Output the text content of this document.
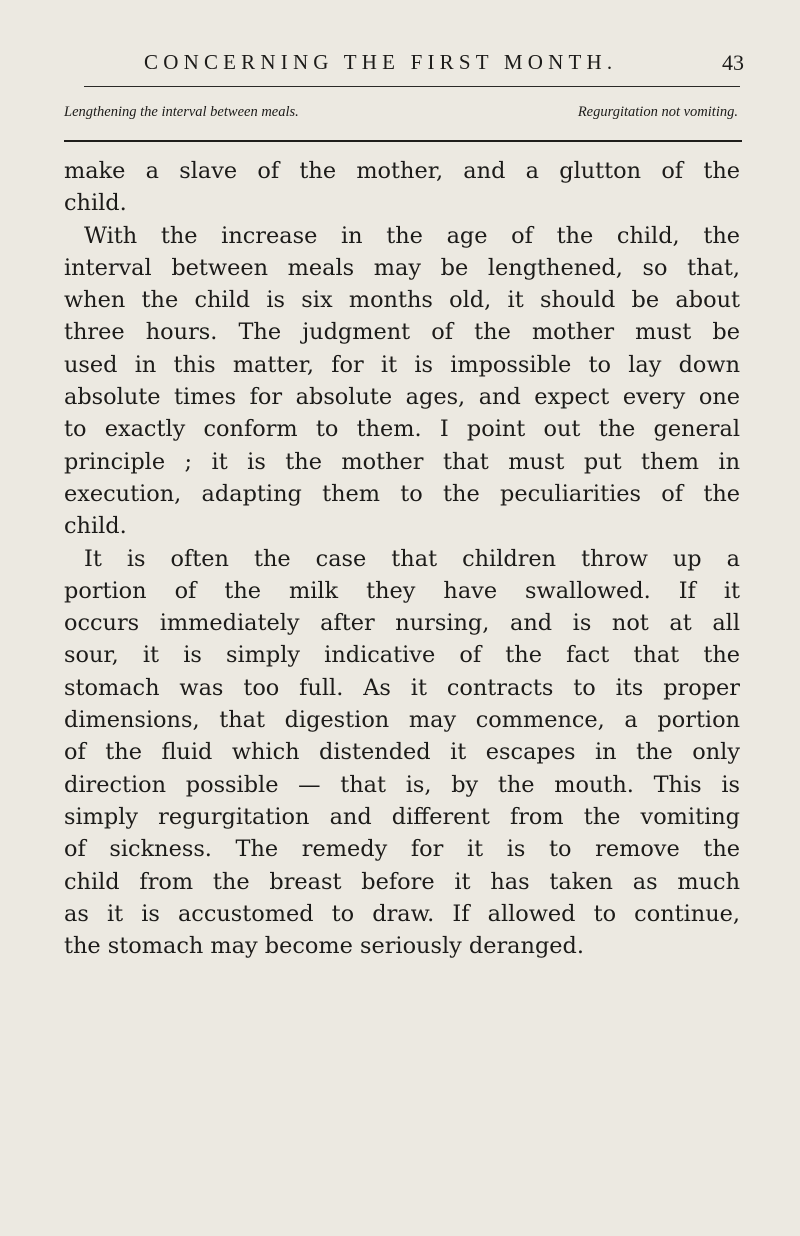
CONCERNING THE FIRST MONTH.	43
Lengthening the interval between meals.	Regurgitation not vomiting.
make a slave of the mother, and a glutton of the
child.
With the increase in the age of the child, the
interval between meals may be lengthened, so that,
when the child is six months old, it should be about
three hours. The judgment of the mother must be
used in this matter, for it is impossible to lay down
absolute times for absolute ages, and expect every one
to exactly conform to them. I point out the general
principle ; it is the mother that must put them in
execution, adapting them to the peculiarities of the
child.
It is often the case that children throw up a
portion of the milk they have swallowed. If it
occurs immediately after nursing, and is not at all
sour, it is simply indicative of the fact that the
stomach was too full. As it contracts to its proper
dimensions, that digestion may commence, a portion
of the fluid which distended it escapes in the only
direction possible — that is, by the mouth. This is
simply regurgitation and different from the vomiting
of sickness. The remedy for it is to remove the
child from the breast before it has taken as much
as it is accustomed to draw. If allowed to continue,
the stomach may become seriously deranged.
